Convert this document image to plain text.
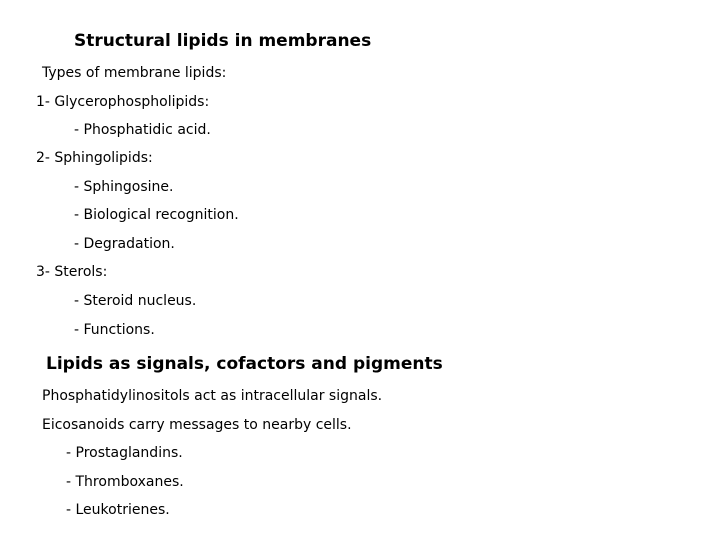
Structural lipids in membranes
Types of membrane lipids:
1- Glycerophospholipids:
- Phosphatidic acid.
2- Sphingolipids:
- Sphingosine.
- Biological recognition.
- Degradation.
3- Sterols:
- Steroid nucleus.
- Functions.
Lipids as signals, cofactors and pigments
Phosphatidylinositols act as intracellular signals.
Eicosanoids carry messages to nearby cells.
- Prostaglandins.
- Thromboxanes.
- Leukotrienes.
